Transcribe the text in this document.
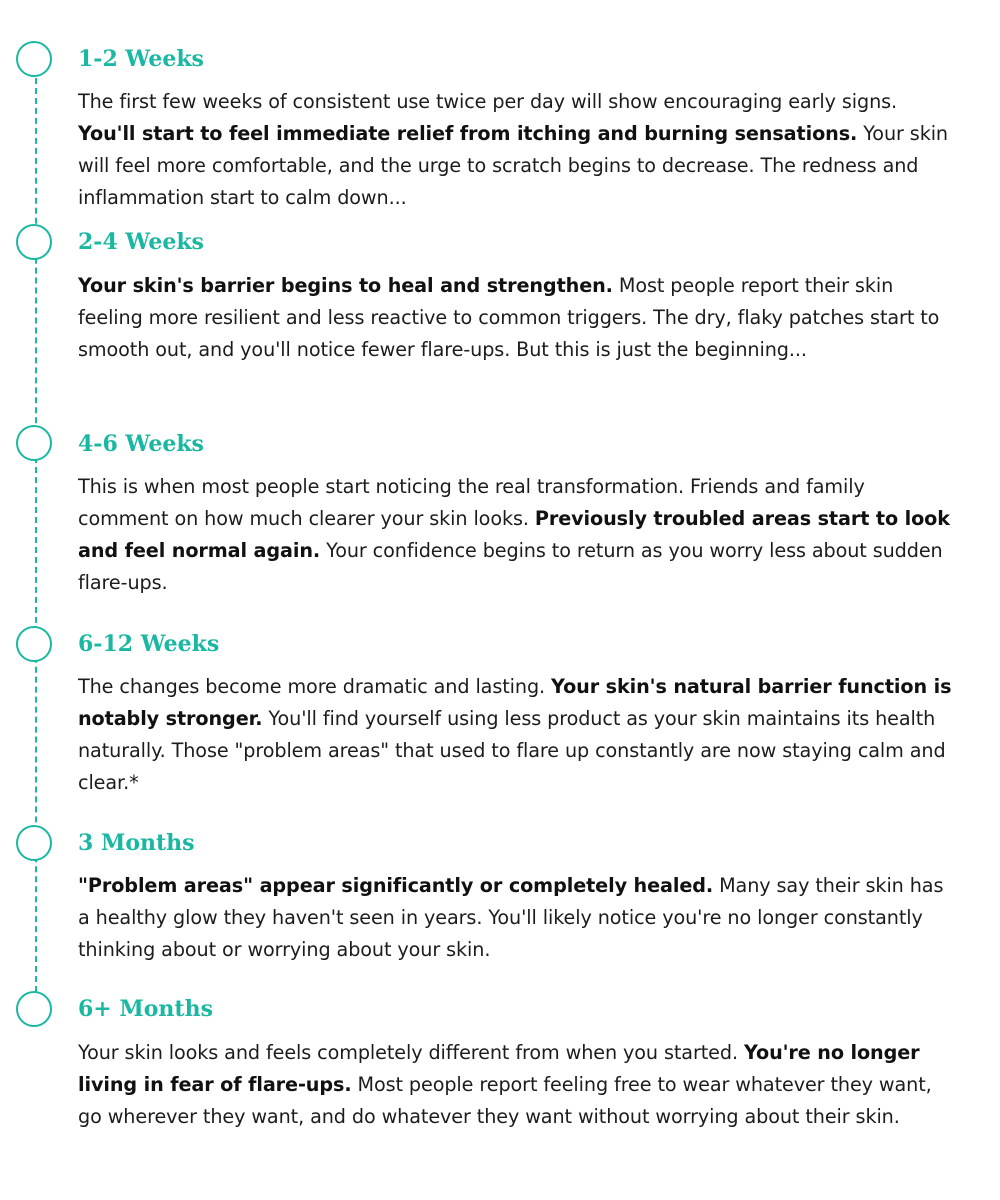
1-2 Weeks

The first few weeks of consistent use twice per day will show encouraging early signs. You'll start to feel immediate relief from itching and burning sensations. Your skin will feel more comfortable, and the urge to scratch begins to decrease. The redness and inflammation start to calm down...

2-4 Weeks

Your skin's barrier begins to heal and strengthen. Most people report their skin feeling more resilient and less reactive to common triggers. The dry, flaky patches start to smooth out, and you'll notice fewer flare-ups. But this is just the beginning...

4-6 Weeks

This is when most people start noticing the real transformation. Friends and family comment on how much clearer your skin looks. Previously troubled areas start to look and feel normal again. Your confidence begins to return as you worry less about sudden flare-ups.

6-12 Weeks

The changes become more dramatic and lasting. Your skin's natural barrier function is notably stronger. You'll find yourself using less product as your skin maintains its health naturally. Those "problem areas" that used to flare up constantly are now staying calm and clear.*

3 Months

"Problem areas" appear significantly or completely healed. Many say their skin has a healthy glow they haven't seen in years. You'll likely notice you're no longer constantly thinking about or worrying about your skin.

6+ Months

Your skin looks and feels completely different from when you started. You're no longer living in fear of flare-ups. Most people report feeling free to wear whatever they want, go wherever they want, and do whatever they want without worrying about their skin.
